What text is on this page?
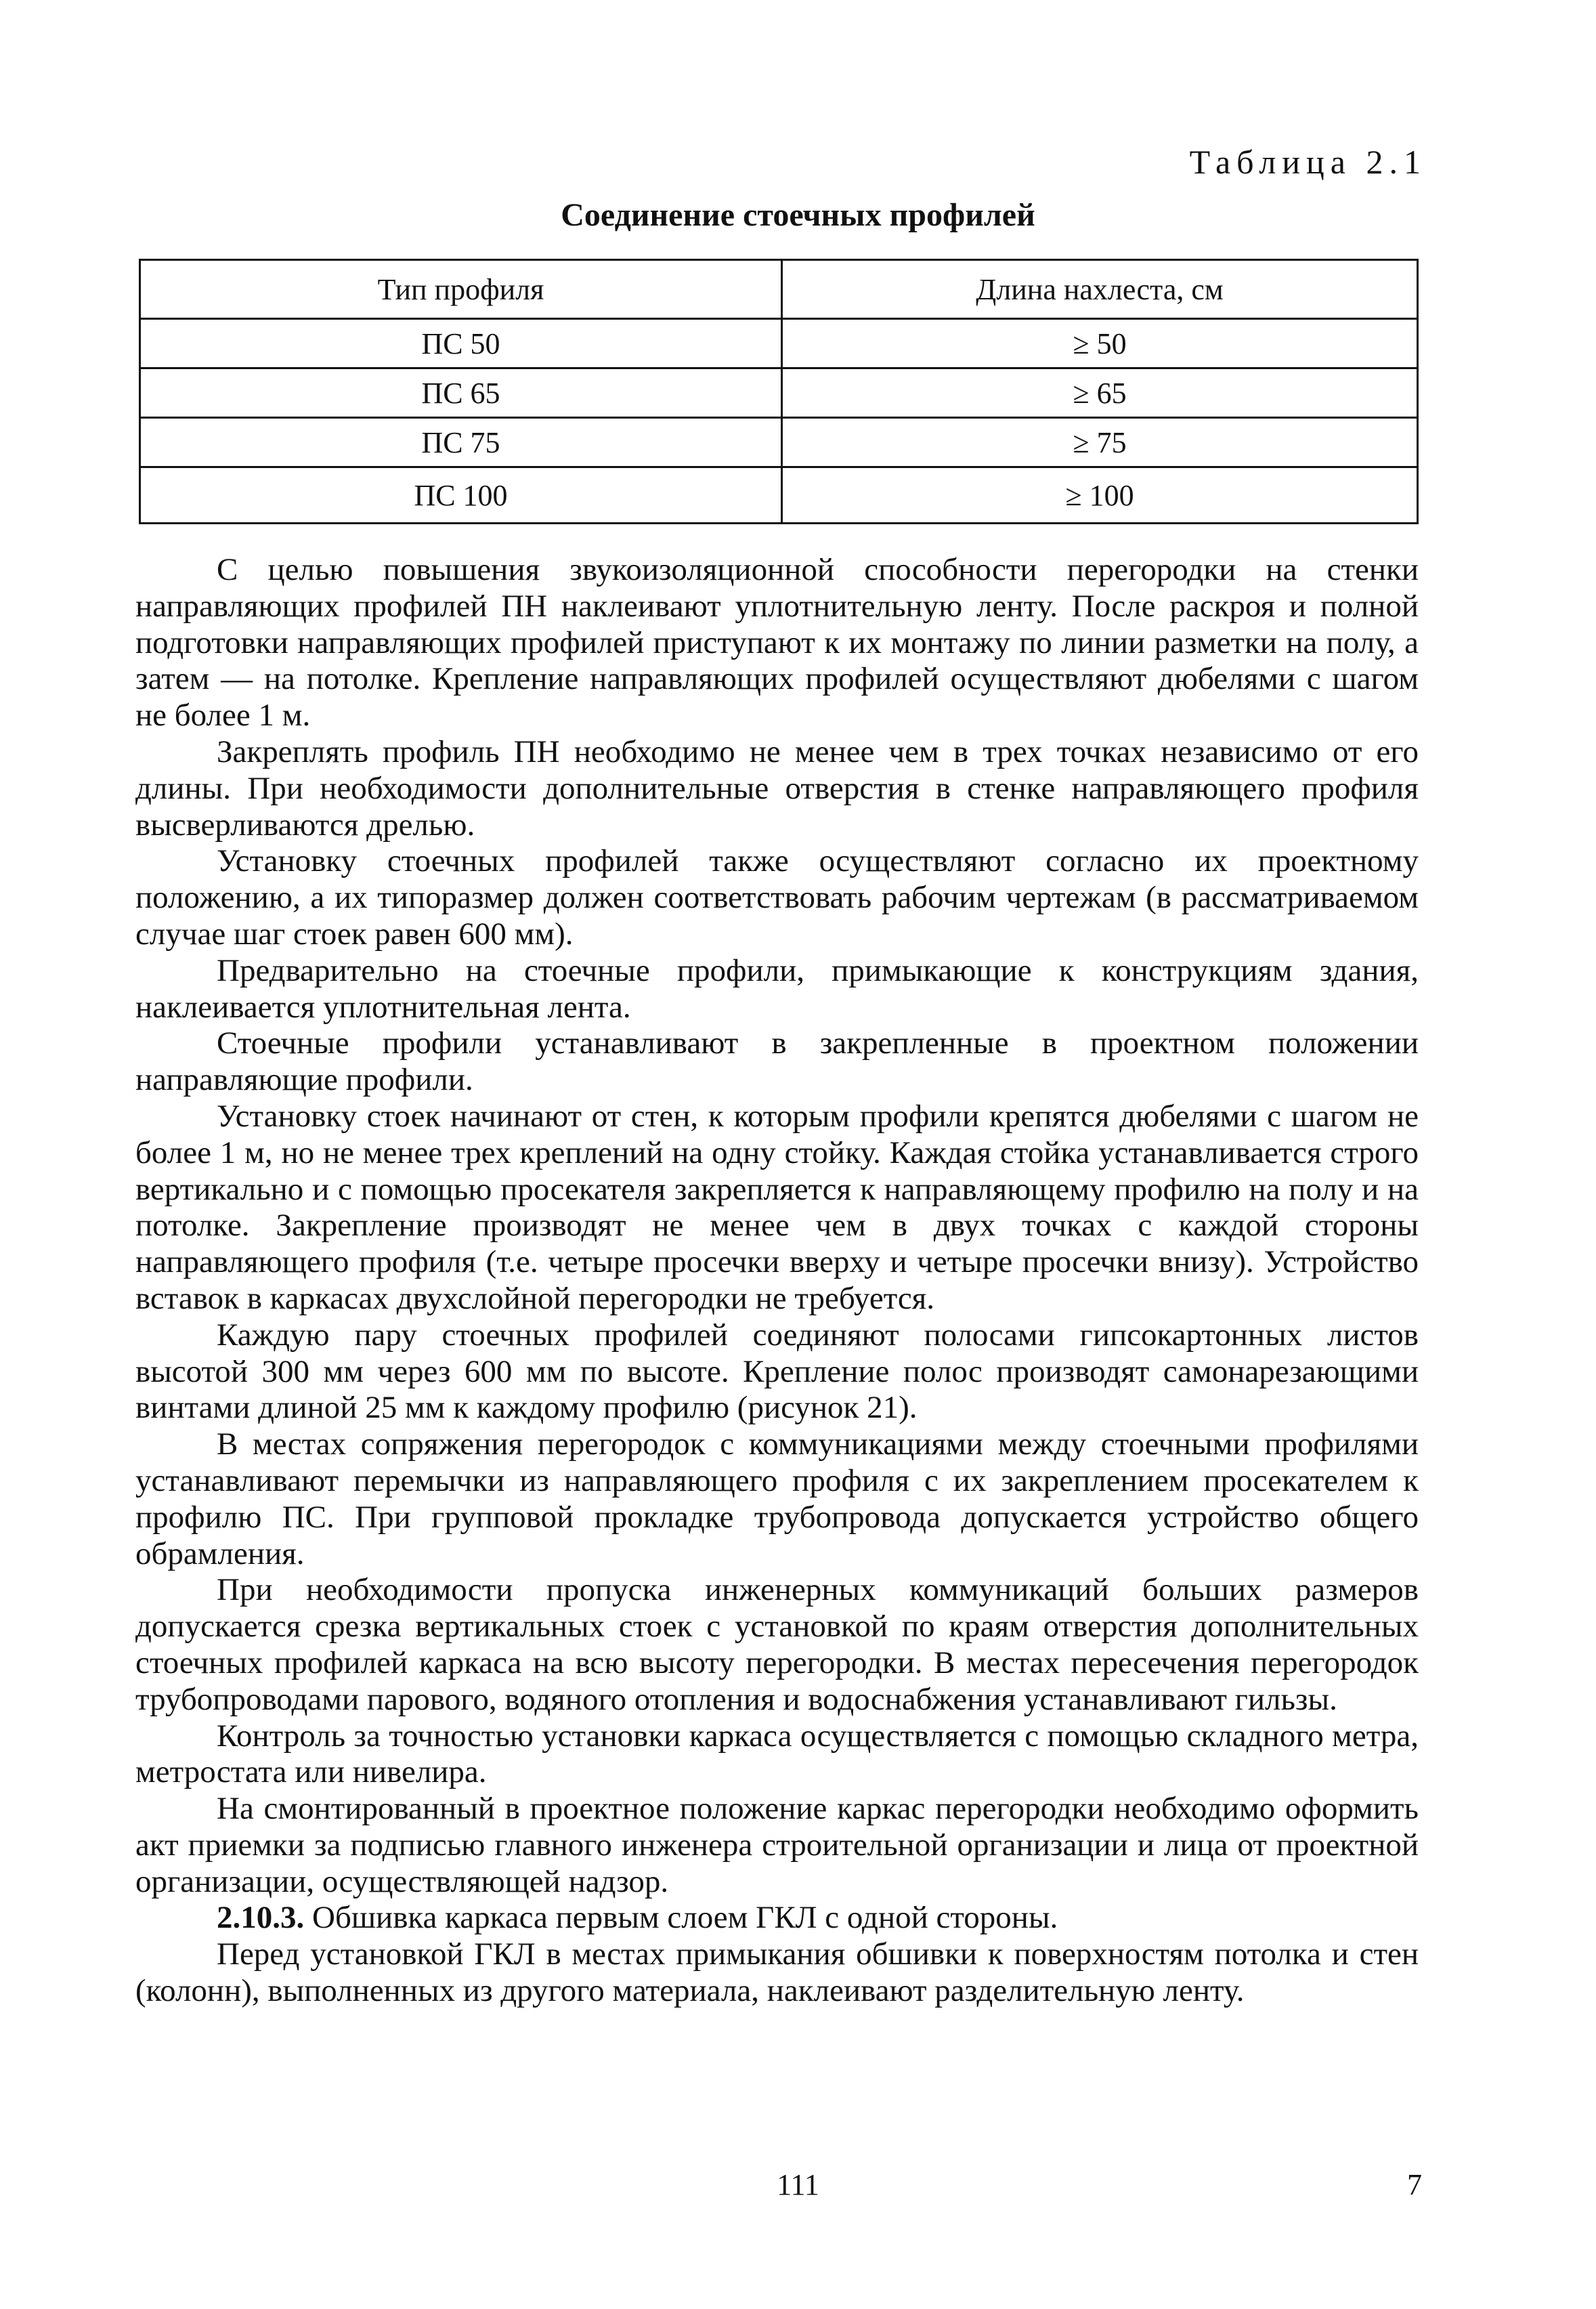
Таблица 2.1
Соединение стоечных профилей
Тип профиля	Длина нахлеста, см
ПС 50	≥ 50
ПС 65	≥ 65
ПС 75	≥ 75
ПС 100	≥ 100

С целью повышения звукоизоляционной способности перегородки на стенки направляющих профилей ПН наклеивают уплотнительную ленту. После раскроя и полной подготовки направляющих профилей приступают к их монтажу по линии разметки на полу, а затем — на потолке. Крепление направляющих профилей осуществляют дюбелями с шагом не более 1 м.

Закреплять профиль ПН необходимо не менее чем в трех точках независимо от его длины. При необходимости дополнительные отверстия в стенке направляющего профиля высверливаются дрелью.

Установку стоечных профилей также осуществляют согласно их проектному положению, а их типоразмер должен соответствовать рабочим чертежам (в рассматриваемом случае шаг стоек равен 600 мм).

Предварительно на стоечные профили, примыкающие к конструкциям здания, наклеивается уплотнительная лента.

Стоечные профили устанавливают в закрепленные в проектном положении направляющие профили.

Установку стоек начинают от стен, к которым профили крепятся дюбелями с шагом не более 1 м, но не менее трех креплений на одну стойку. Каждая стойка устанавливается строго вертикально и с помощью просекателя закрепляется к направляющему профилю на полу и на потолке. Закрепление производят не менее чем в двух точках с каждой стороны направляющего профиля (т.е. четыре просечки вверху и четыре просечки внизу). Устройство вставок в каркасах двухслойной перегородки не требуется.

Каждую пару стоечных профилей соединяют полосами гипсокартонных листов высотой 300 мм через 600 мм по высоте. Крепление полос производят самонарезающими винтами длиной 25 мм к каждому профилю (рисунок 21).

В местах сопряжения перегородок с коммуникациями между стоечными профилями устанавливают перемычки из направляющего профиля с их закреплением просекателем к профилю ПС. При групповой прокладке трубопровода допускается устройство общего обрамления.

При необходимости пропуска инженерных коммуникаций больших размеров допускается срезка вертикальных стоек с установкой по краям отверстия дополнительных стоечных профилей каркаса на всю высоту перегородки. В местах пересечения перегородок трубопроводами парового, водяного отопления и водоснабжения устанавливают гильзы.

Контроль за точностью установки каркаса осуществляется с помощью складного метра, метростата или нивелира.

На смонтированный в проектное положение каркас перегородки необходимо оформить акт приемки за подписью главного инженера строительной организации и лица от проектной организации, осуществляющей надзор.

2.10.3. Обшивка каркаса первым слоем ГКЛ с одной стороны.

Перед установкой ГКЛ в местах примыкания обшивки к поверхностям потолка и стен (колонн), выполненных из другого материала, наклеивают разделительную ленту.

111	7
